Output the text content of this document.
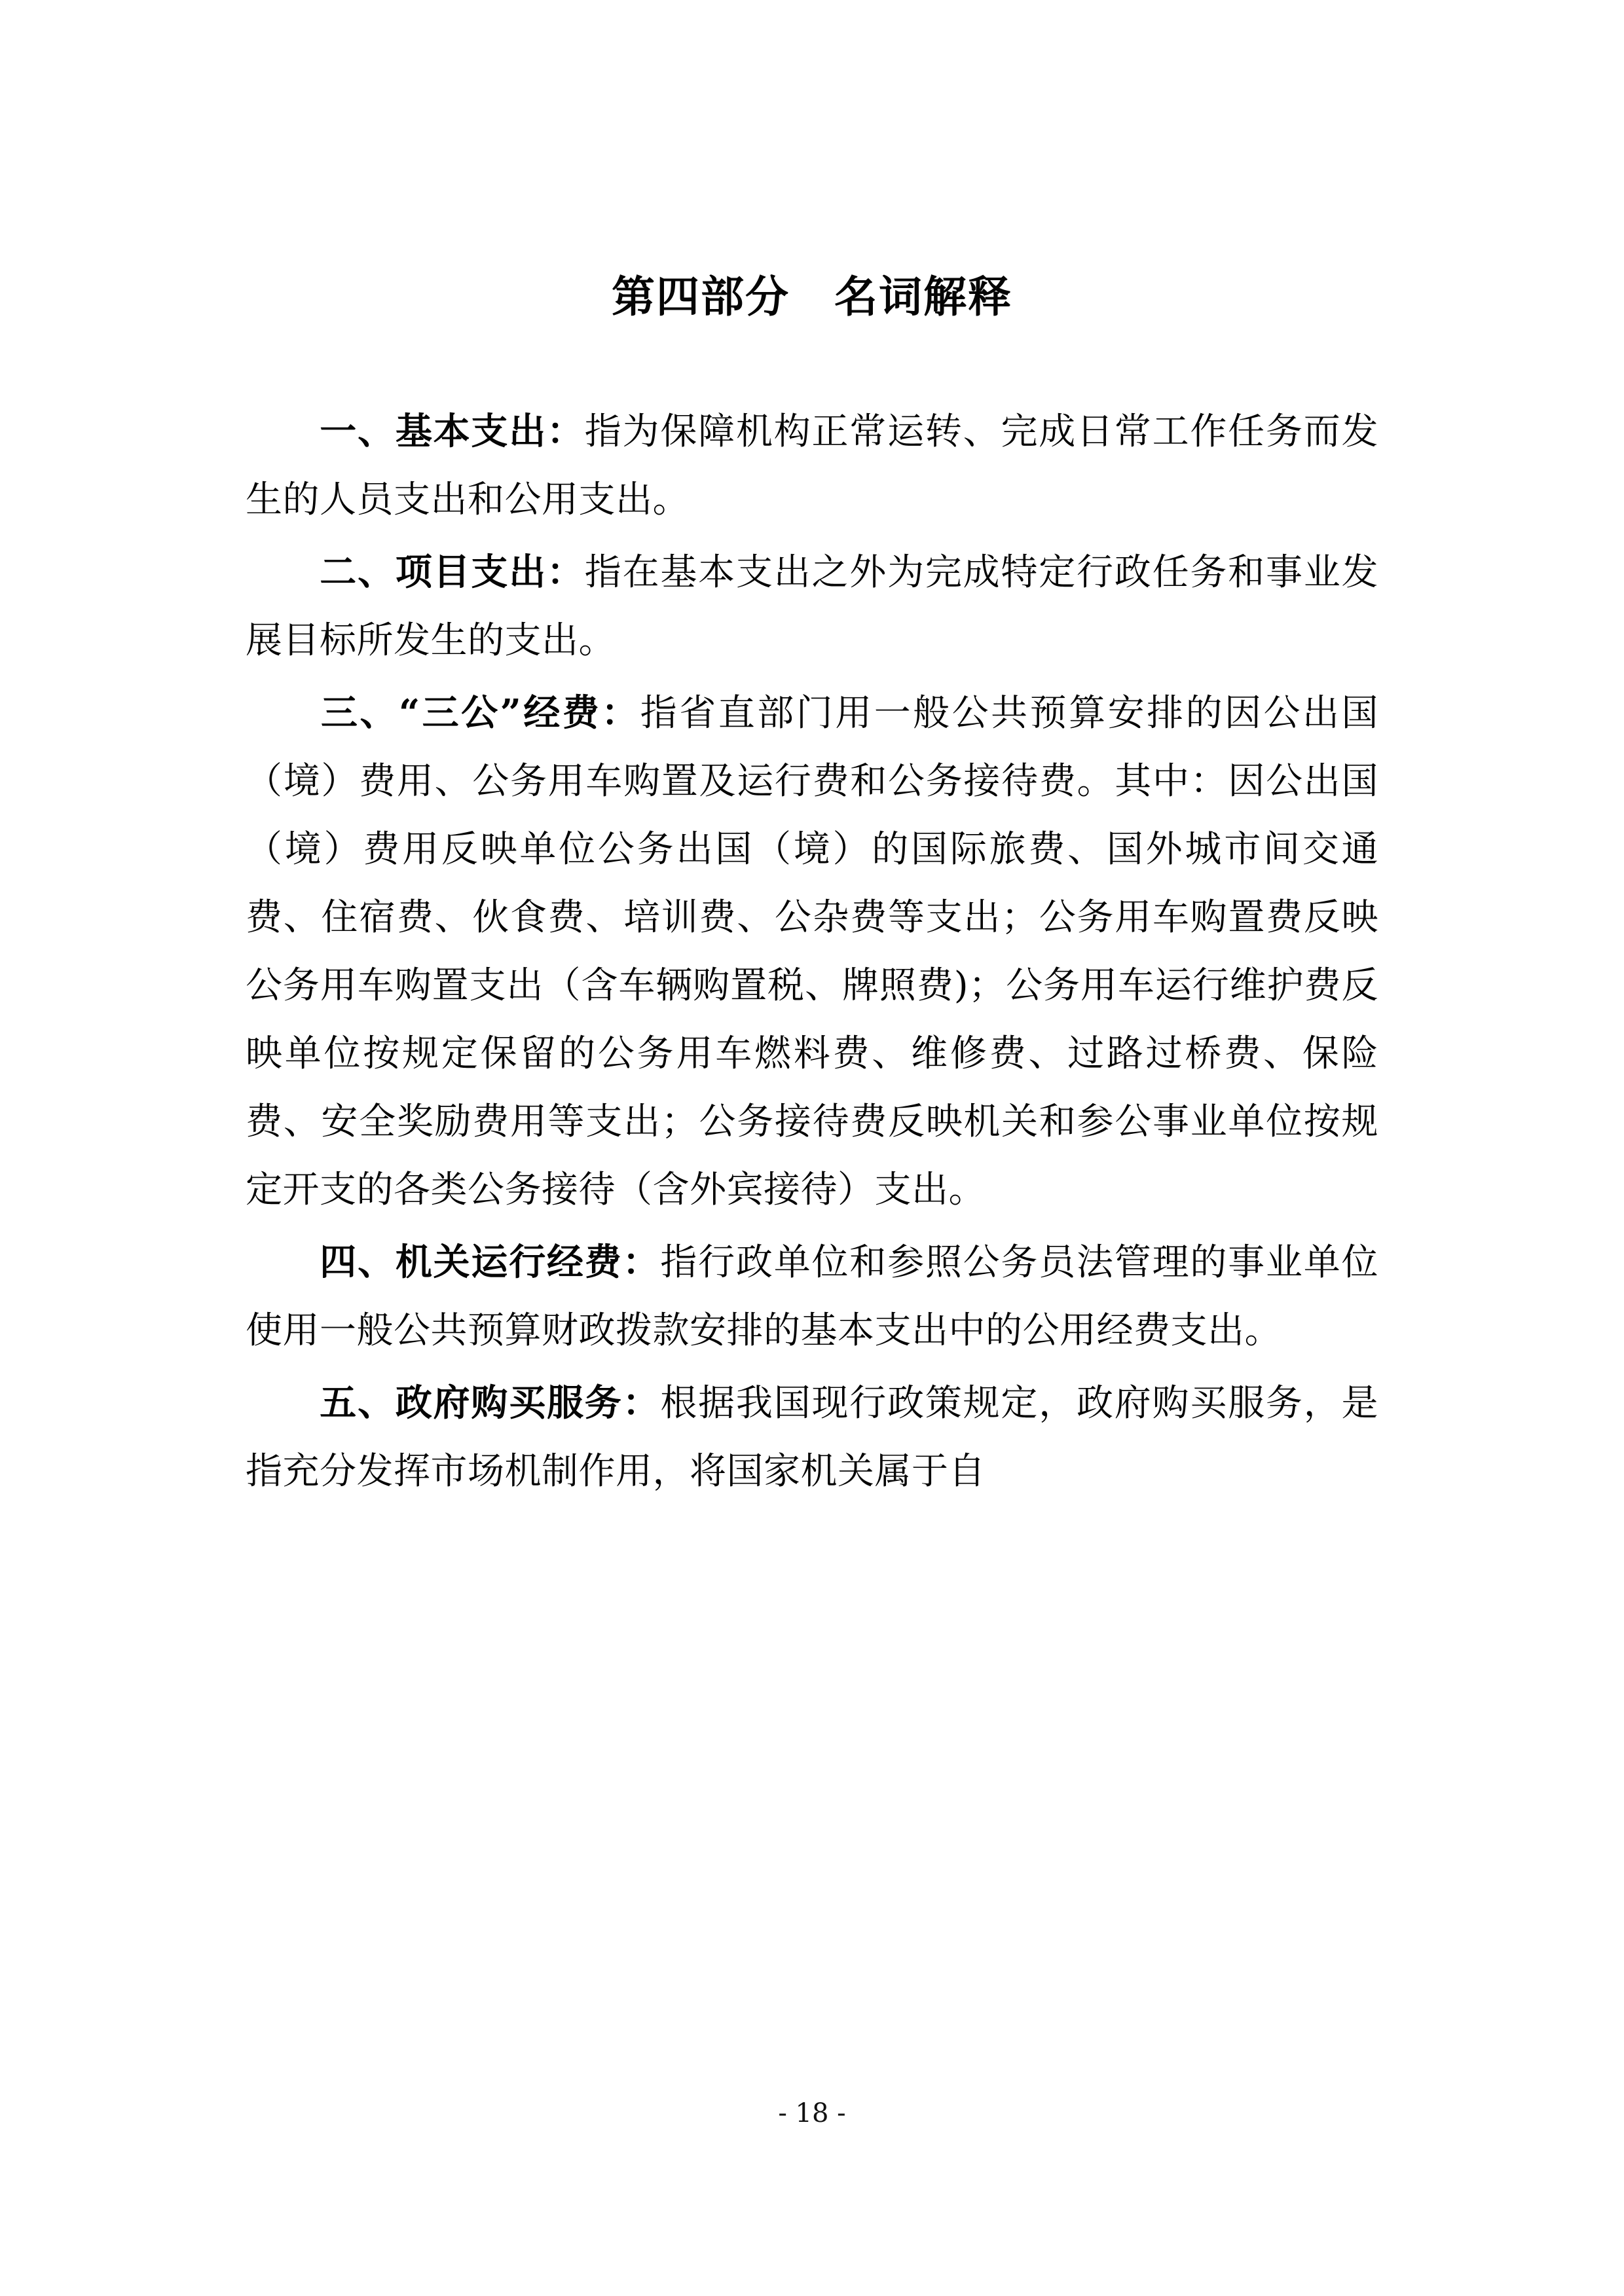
第四部分　名词解释

一、基本支出：指为保障机构正常运转、完成日常工作任务而发生的人员支出和公用支出。

二、项目支出：指在基本支出之外为完成特定行政任务和事业发展目标所发生的支出。

三、“三公”经费：指省直部门用一般公共预算安排的因公出国（境）费用、公务用车购置及运行费和公务接待费。其中：因公出国（境）费用反映单位公务出国（境）的国际旅费、国外城市间交通费、住宿费、伙食费、培训费、公杂费等支出；公务用车购置费反映公务用车购置支出（含车辆购置税、牌照费)；公务用车运行维护费反映单位按规定保留的公务用车燃料费、维修费、过路过桥费、保险费、安全奖励费用等支出；公务接待费反映机关和参公事业单位按规定开支的各类公务接待（含外宾接待）支出。

四、机关运行经费：指行政单位和参照公务员法管理的事业单位使用一般公共预算财政拨款安排的基本支出中的公用经费支出。

五、政府购买服务：根据我国现行政策规定，政府购买服务，是指充分发挥市场机制作用，将国家机关属于自

- 18 -
